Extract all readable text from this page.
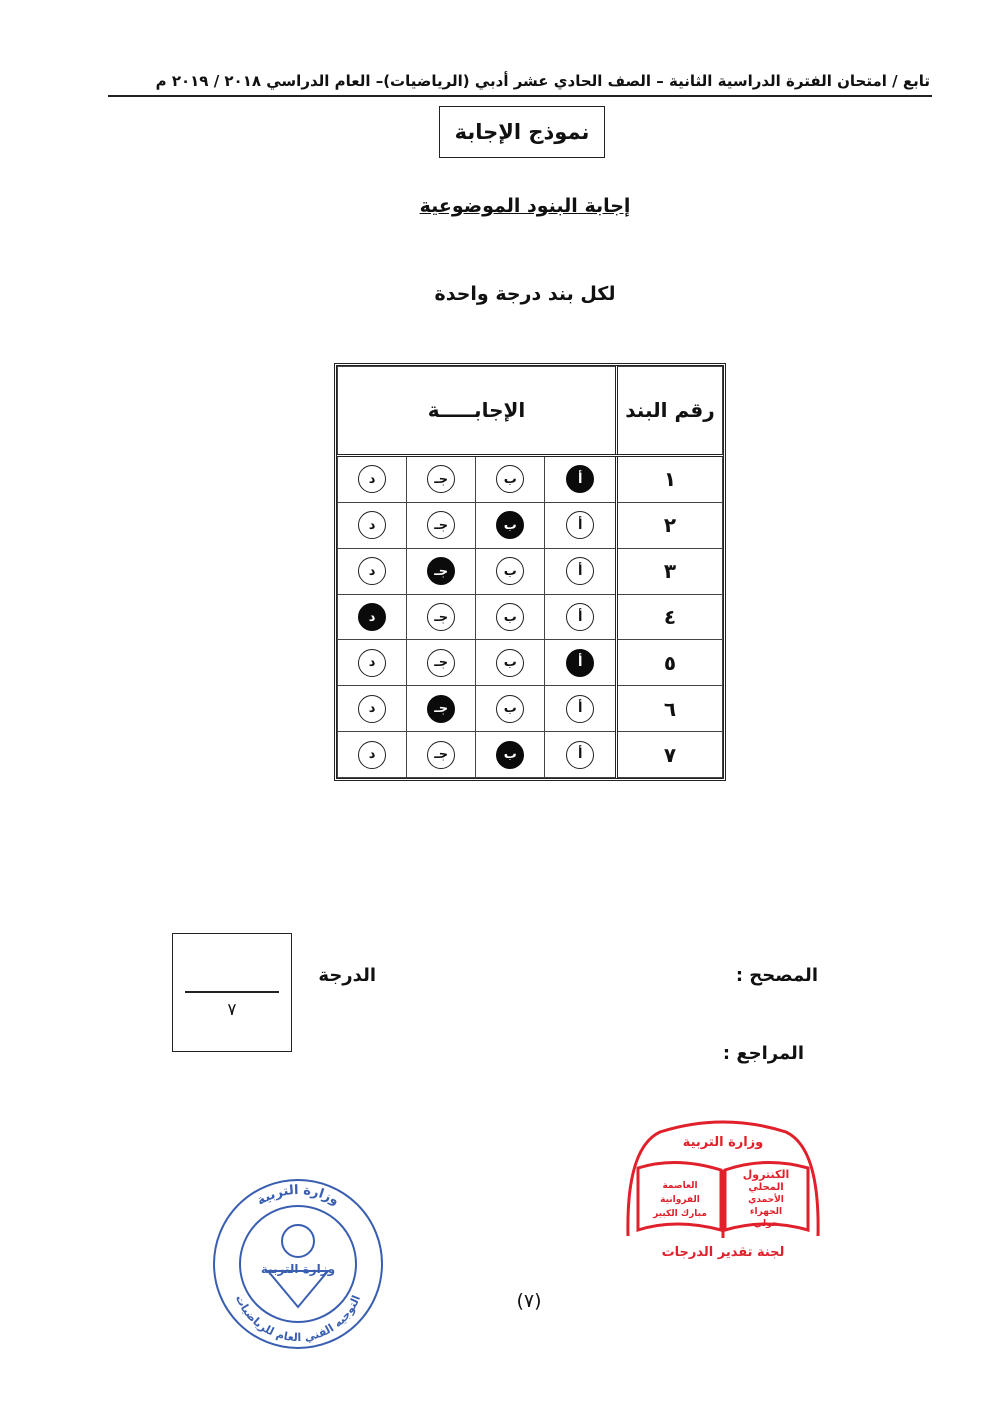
تابع / امتحان الفترة الدراسية الثانية – الصف الحادي عشر أدبي (الرياضيات)– العام الدراسي ٢٠١٨ / ٢٠١٩ م
نموذج الإجابة
إجابة البنود الموضوعية
لكل بند درجة واحدة
الإجابـــــة				رقم البند
د	جـ	ب	أ	١
د	جـ	ب	أ	٢
د	جـ	ب	أ	٣
د	جـ	ب	أ	٤
د	جـ	ب	أ	٥
د	جـ	ب	أ	٦
د	جـ	ب	أ	٧
٧
الدرجة	المصحح :
المراجع :
وزارة التربية
الكنترول
المحلي
الأحمدي
الجهراء
حولي
العاصمة
الفروانية
مبارك الكبير
لجنة تقدير الدرجات
وزارة التربية
وزارة التربية
التوجيه الفني العام للرياضيات	(٧)
